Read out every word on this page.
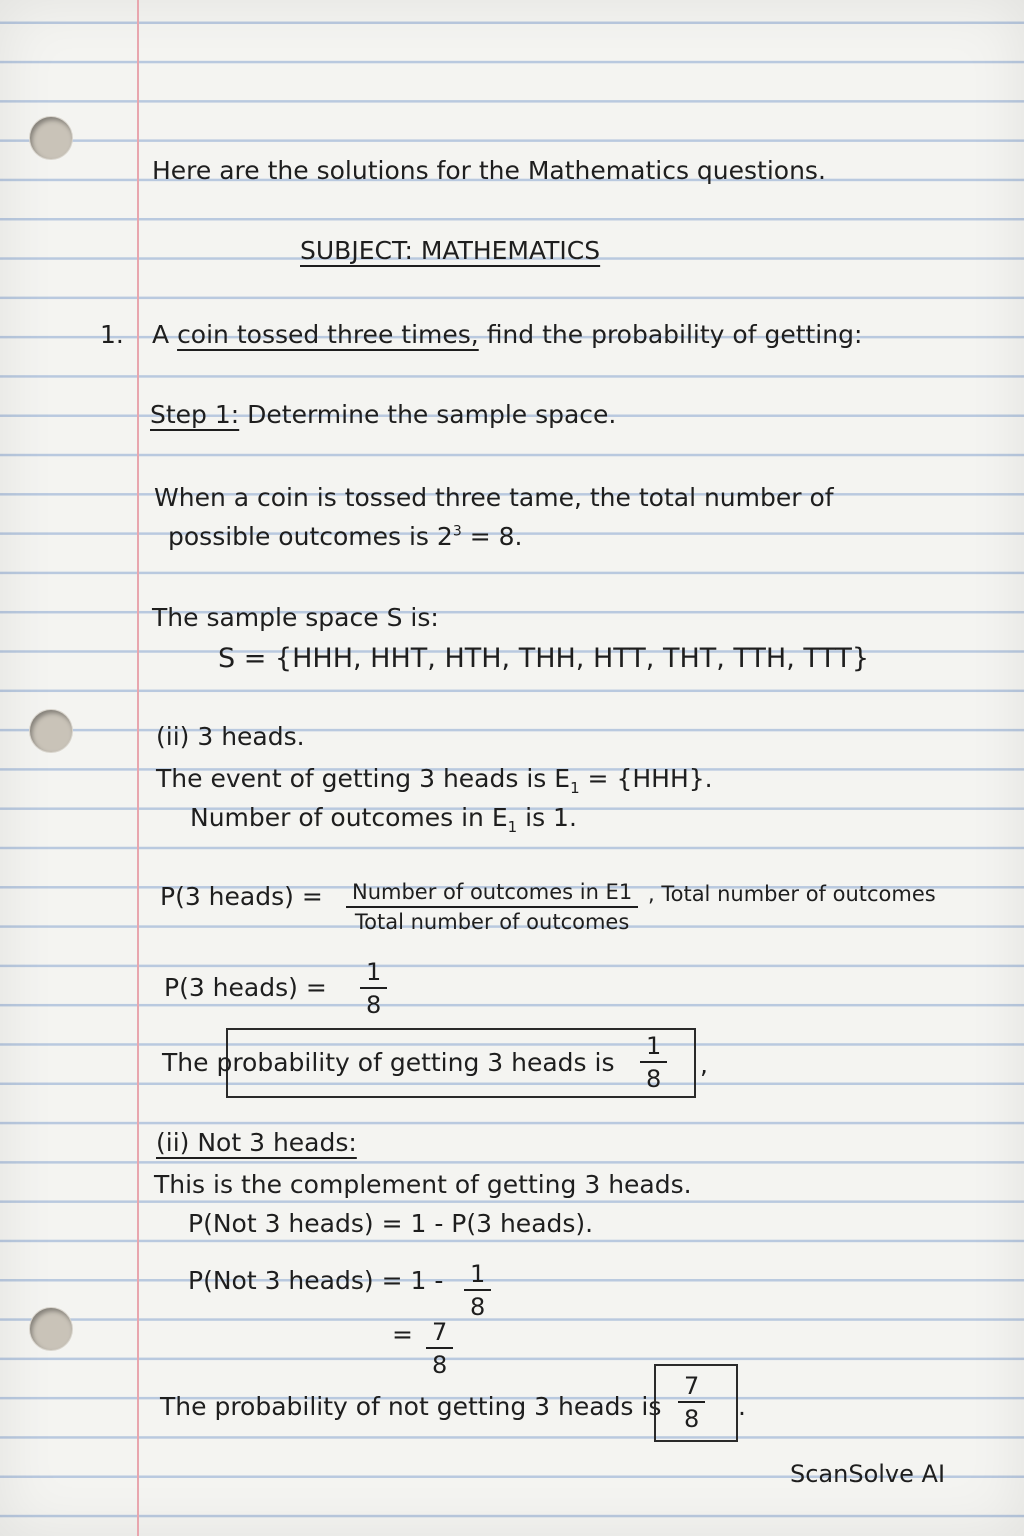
Here are the solutions for the Mathematics questions.
SUBJECT: MATHEMATICS
1. A coin tossed three times, find the probability of getting:
Step 1: Determine the sample space.
When a coin is tossed three tame, the total number of
possible outcomes is $2^3 = 8$.
The sample space S is:
S = {HHH, HHT, HTH, THH, HTT, THT, TTH, TTT}
(ii) 3 heads.
The event of getting 3 heads is $E_1 = \{HHH\}$.
Number of outcomes in $E_1$ is 1.
P(3 heads) = Number of outcomes in E1
Total number of outcomes
, Total number of outcomes
P(3 heads) = $\frac{1}{8}$
The probability of getting 3 heads is $\frac{1}{8}$ ,
(ii) Not 3 heads:
This is the complement of getting 3 heads.
P(Not 3 heads) = 1 - P(3 heads).
P(Not 3 heads) = $1 - \frac{1}{8}$
= $\frac{7}{8}$
The probability of not getting 3 heads is $\frac{7}{8}$ .
ScanSolve AI
